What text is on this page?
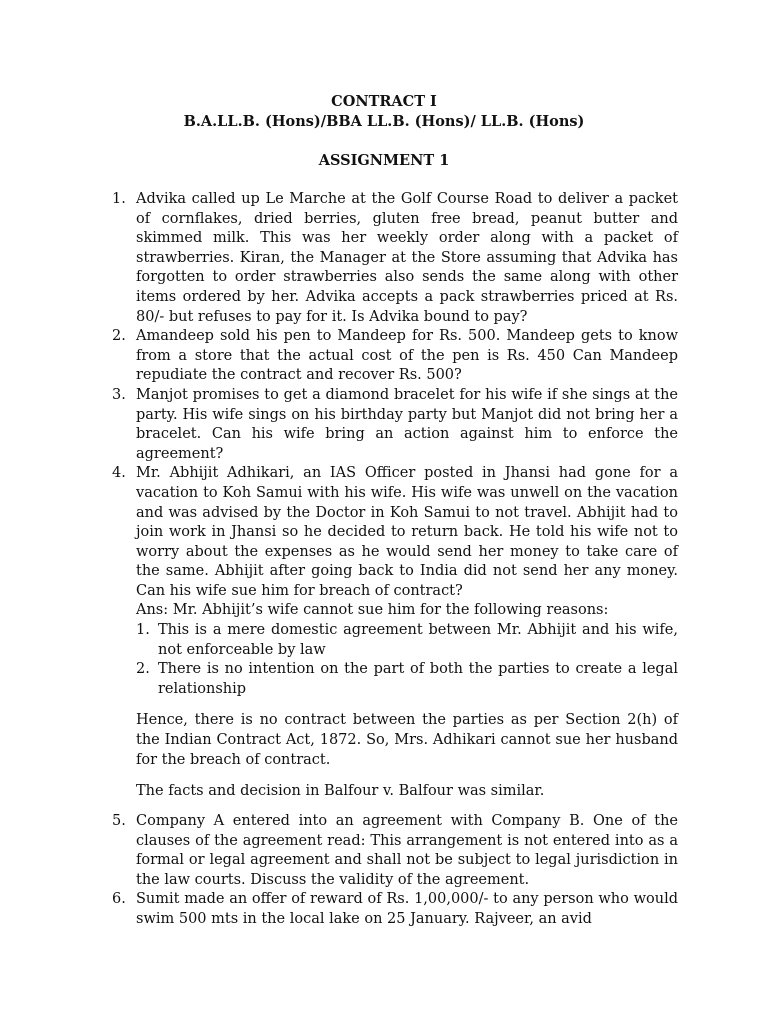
CONTRACT I
B.A.LL.B. (Hons)/BBA LL.B. (Hons)/ LL.B. (Hons)
ASSIGNMENT 1
1. Advika called up Le Marche at the Golf Course Road to deliver a packet of cornflakes, dried berries, gluten free bread, peanut butter and skimmed milk. This was her weekly order along with a packet of strawberries. Kiran, the Manager at the Store assuming that Advika has forgotten to order strawberries also sends the same along with other items ordered by her. Advika accepts a pack strawberries priced at Rs. 80/- but refuses to pay for it. Is Advika bound to pay?

2. Amandeep sold his pen to Mandeep for Rs. 500. Mandeep gets to know from a store that the actual cost of the pen is Rs. 450 Can Mandeep repudiate the contract and recover Rs. 500?

3. Manjot promises to get a diamond bracelet for his wife if she sings at the party. His wife sings on his birthday party but Manjot did not bring her a bracelet. Can his wife bring an action against him to enforce the agreement?

4. Mr. Abhijit Adhikari, an IAS Officer posted in Jhansi had gone for a vacation to Koh Samui with his wife. His wife was unwell on the vacation and was advised by the Doctor in Koh Samui to not travel. Abhijit had to join work in Jhansi so he decided to return back. He told his wife not to worry about the expenses as he would send her money to take care of the same. Abhijit after going back to India did not send her any money. Can his wife sue him for breach of contract?

Ans: Mr. Abhijit’s wife cannot sue him for the following reasons:

1. This is a mere domestic agreement between Mr. Abhijit and his wife, not enforceable by law
2. There is no intention on the part of both the parties to create a legal relationship

Hence, there is no contract between the parties as per Section 2(h) of the Indian Contract Act, 1872. So, Mrs. Adhikari cannot sue her husband for the breach of contract.

The facts and decision in Balfour v. Balfour was similar.

5. Company A entered into an agreement with Company B. One of the clauses of the agreement read: This arrangement is not entered into as a formal or legal agreement and shall not be subject to legal jurisdiction in the law courts. Discuss the validity of the agreement.

6. Sumit made an offer of reward of Rs. 1,00,000/- to any person who would swim 500 mts in the local lake on 25 January. Rajveer, an avid
